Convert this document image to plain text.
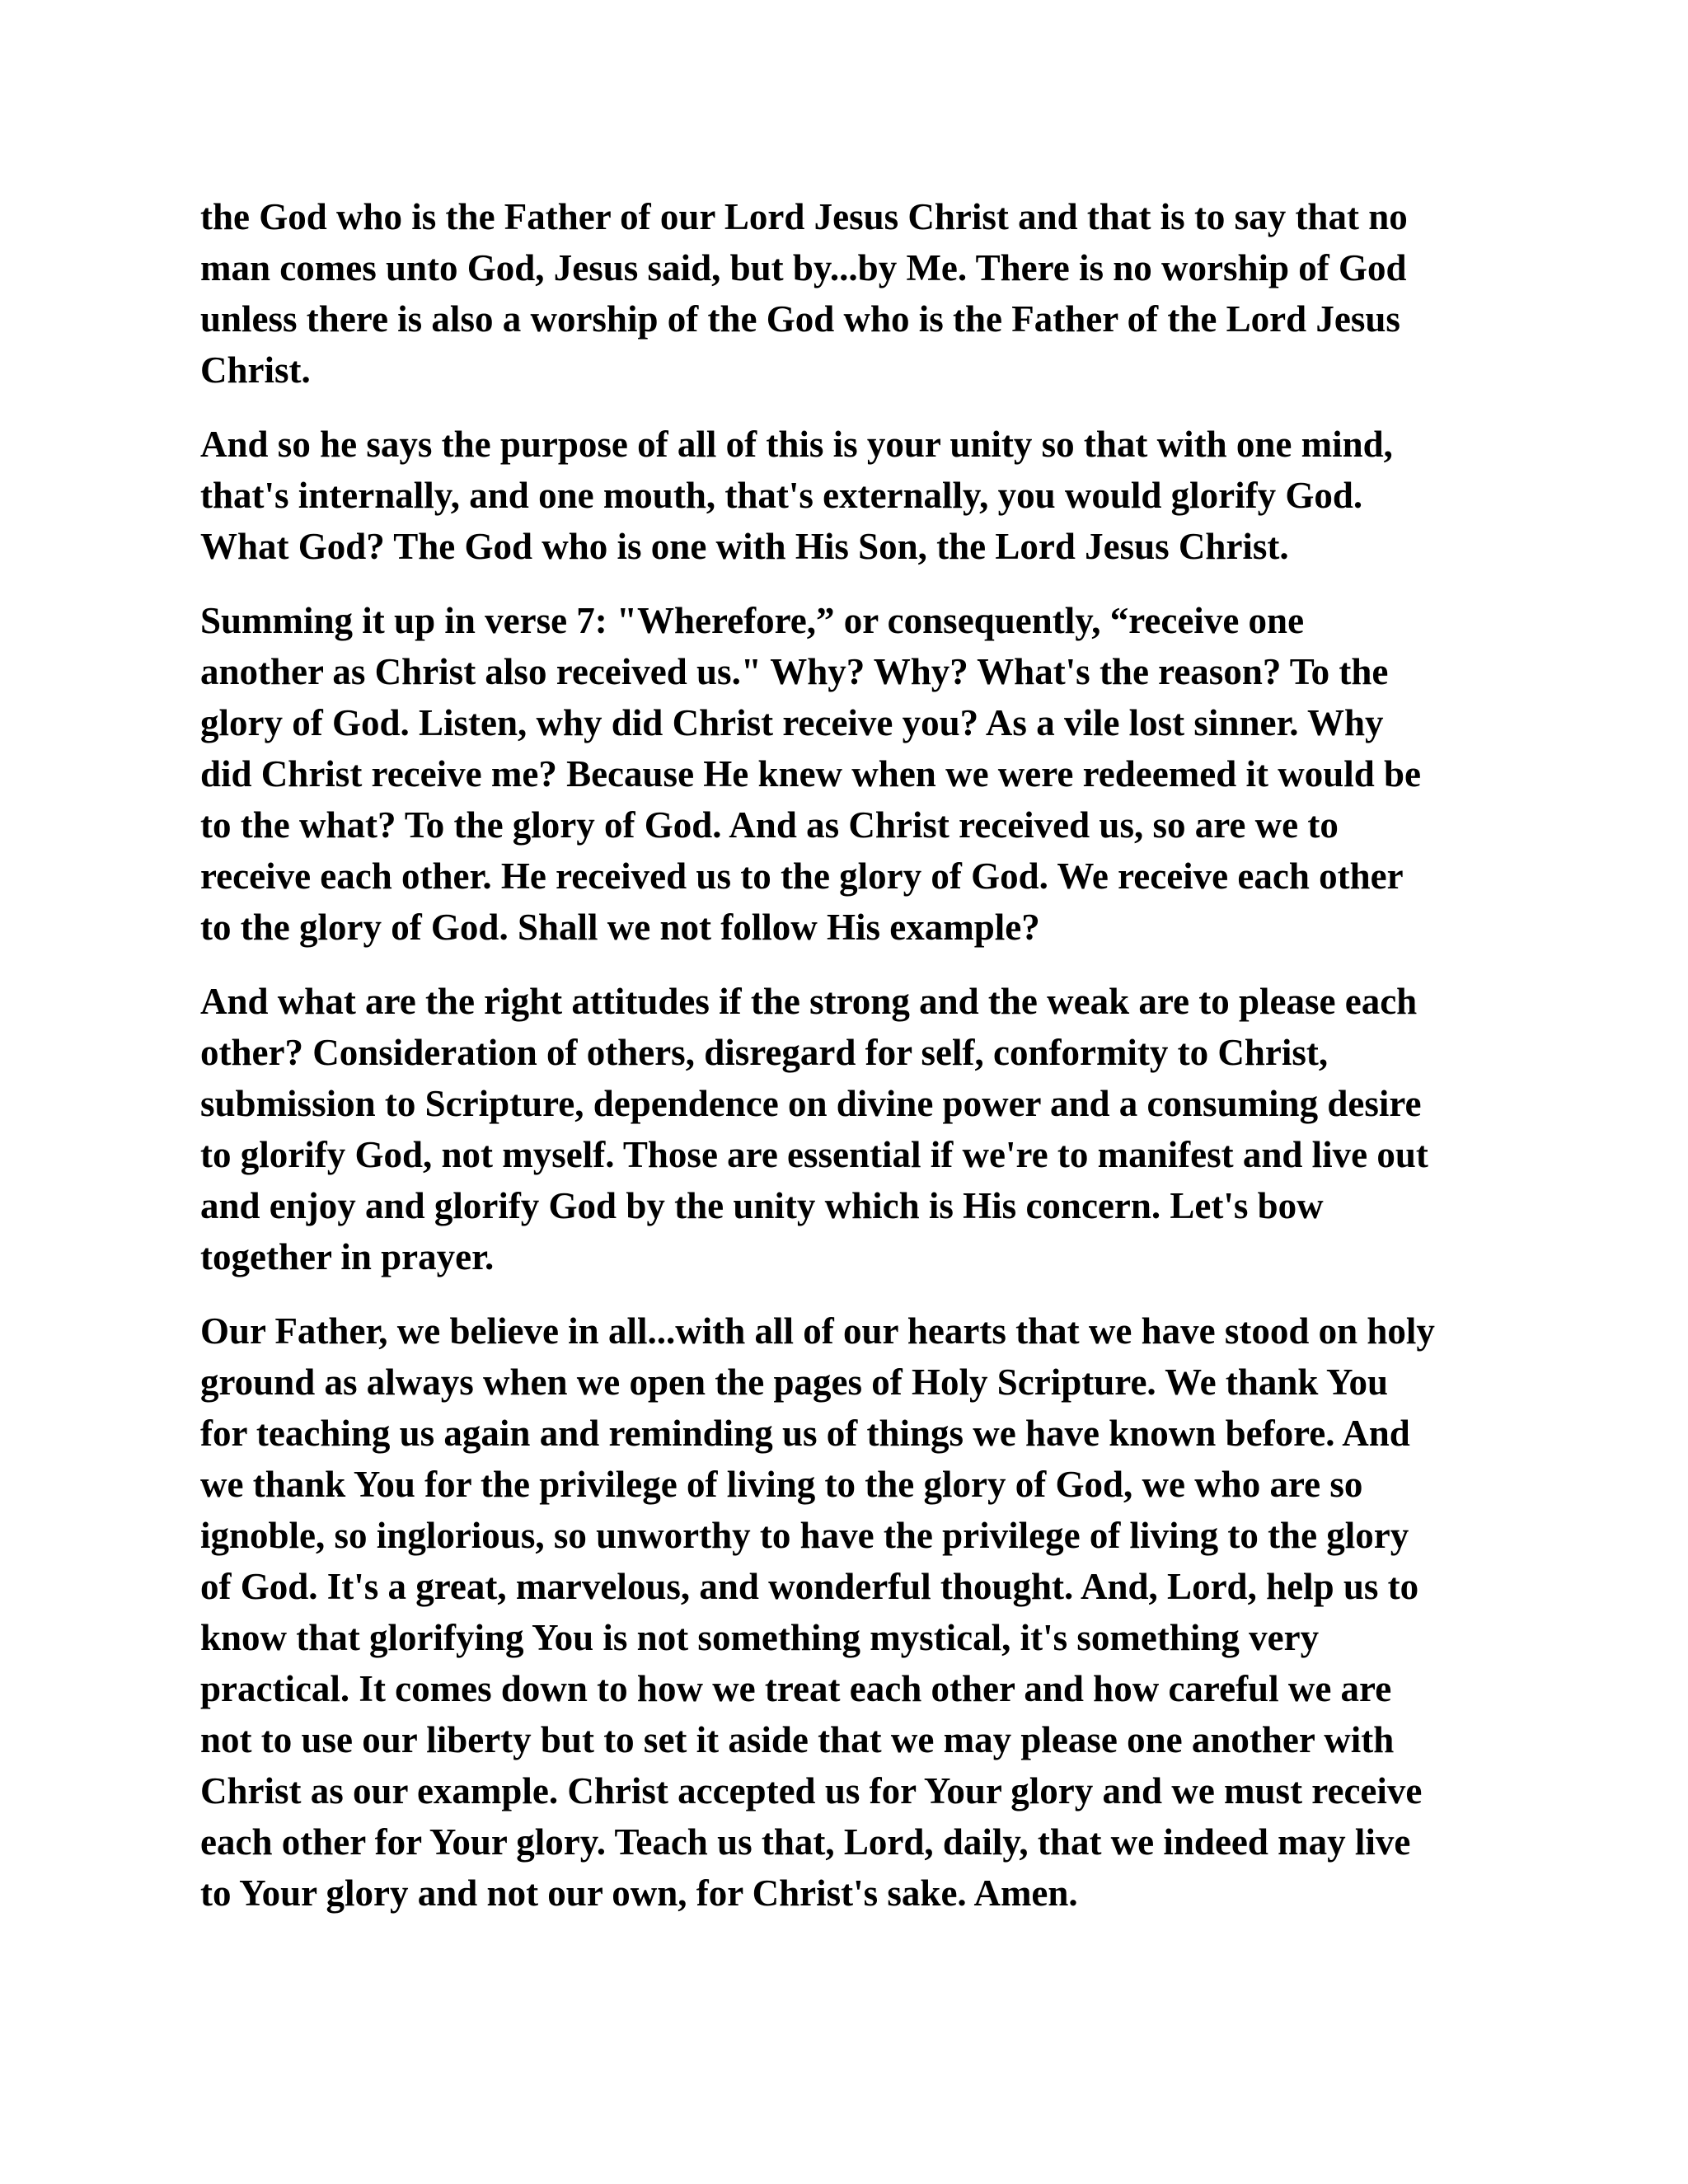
the God who is the Father of our Lord Jesus Christ and that is to say that no
man comes unto God, Jesus said, but by...by Me. There is no worship of God
unless there is also a worship of the God who is the Father of the Lord Jesus
Christ.
And so he says the purpose of all of this is your unity so that with one mind,
that's internally, and one mouth, that's externally, you would glorify God.
What God? The God who is one with His Son, the Lord Jesus Christ.
Summing it up in verse 7: "Wherefore,” or consequently, “receive one
another as Christ also received us." Why? Why? What's the reason? To the
glory of God. Listen, why did Christ receive you? As a vile lost sinner. Why
did Christ receive me? Because He knew when we were redeemed it would be
to the what? To the glory of God. And as Christ received us, so are we to
receive each other. He received us to the glory of God. We receive each other
to the glory of God. Shall we not follow His example?
And what are the right attitudes if the strong and the weak are to please each
other? Consideration of others, disregard for self, conformity to Christ,
submission to Scripture, dependence on divine power and a consuming desire
to glorify God, not myself. Those are essential if we're to manifest and live out
and enjoy and glorify God by the unity which is His concern. Let's bow
together in prayer.
Our Father, we believe in all...with all of our hearts that we have stood on holy
ground as always when we open the pages of Holy Scripture. We thank You
for teaching us again and reminding us of things we have known before. And
we thank You for the privilege of living to the glory of God, we who are so
ignoble, so inglorious, so unworthy to have the privilege of living to the glory
of God. It's a great, marvelous, and wonderful thought. And, Lord, help us to
know that glorifying You is not something mystical, it's something very
practical. It comes down to how we treat each other and how careful we are
not to use our liberty but to set it aside that we may please one another with
Christ as our example. Christ accepted us for Your glory and we must receive
each other for Your glory. Teach us that, Lord, daily, that we indeed may live
to Your glory and not our own, for Christ's sake. Amen.
